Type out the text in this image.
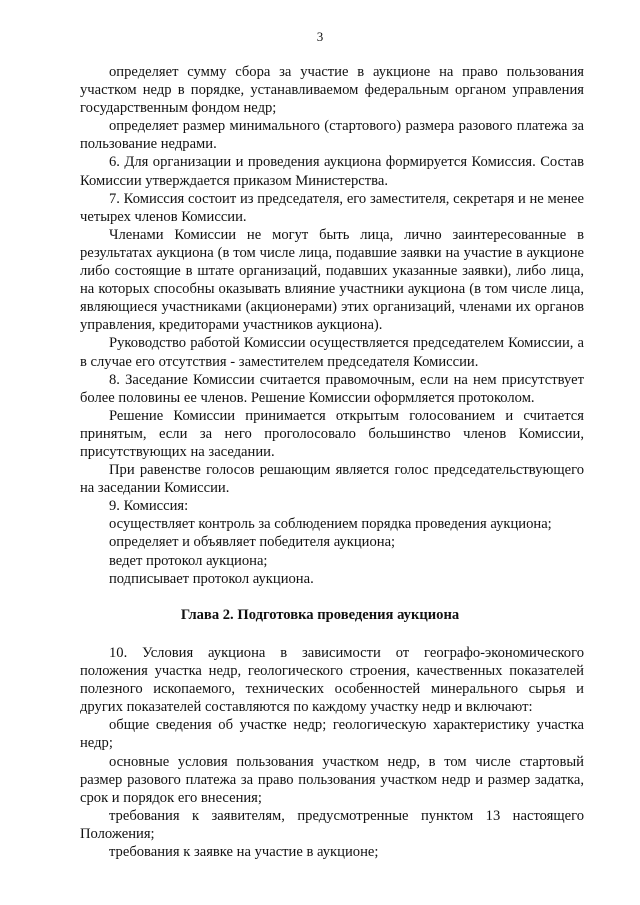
3

определяет сумму сбора за участие в аукционе на право пользования участком недр в порядке, устанавливаемом федеральным органом управления государственным фондом недр;

определяет размер минимального (стартового) размера разового платежа за пользование недрами.

6. Для организации и проведения аукциона формируется Комиссия. Состав Комиссии утверждается приказом Министерства.

7. Комиссия состоит из председателя, его заместителя, секретаря и не менее четырех членов Комиссии.

Членами Комиссии не могут быть лица, лично заинтересованные в результатах аукциона (в том числе лица, подавшие заявки на участие в аукционе либо состоящие в штате организаций, подавших указанные заявки), либо лица, на которых способны оказывать влияние участники аукциона (в том числе лица, являющиеся участниками (акционерами) этих организаций, членами их органов управления, кредиторами участников аукциона).

Руководство работой Комиссии осуществляется председателем Комиссии, а в случае его отсутствия - заместителем председателя Комиссии.

8. Заседание Комиссии считается правомочным, если на нем присутствует более половины ее членов. Решение Комиссии оформляется протоколом.

Решение Комиссии принимается открытым голосованием и считается принятым, если за него проголосовало большинство членов Комиссии, присутствующих на заседании.

При равенстве голосов решающим является голос председательствующего на заседании Комиссии.

9. Комиссия:

осуществляет контроль за соблюдением порядка проведения аукциона;

определяет и объявляет победителя аукциона;

ведет протокол аукциона;

подписывает протокол аукциона.

Глава 2. Подготовка проведения аукциона

10. Условия аукциона в зависимости от географо-экономического положения участка недр, геологического строения, качественных показателей полезного ископаемого, технических особенностей минерального сырья и других показателей составляются по каждому участку недр и включают:

общие сведения об участке недр; геологическую характеристику участка недр;

основные условия пользования участком недр, в том числе стартовый размер разового платежа за право пользования участком недр и размер задатка, срок и порядок его внесения;

требования к заявителям, предусмотренные пунктом 13 настоящего Положения;

требования к заявке на участие в аукционе;
